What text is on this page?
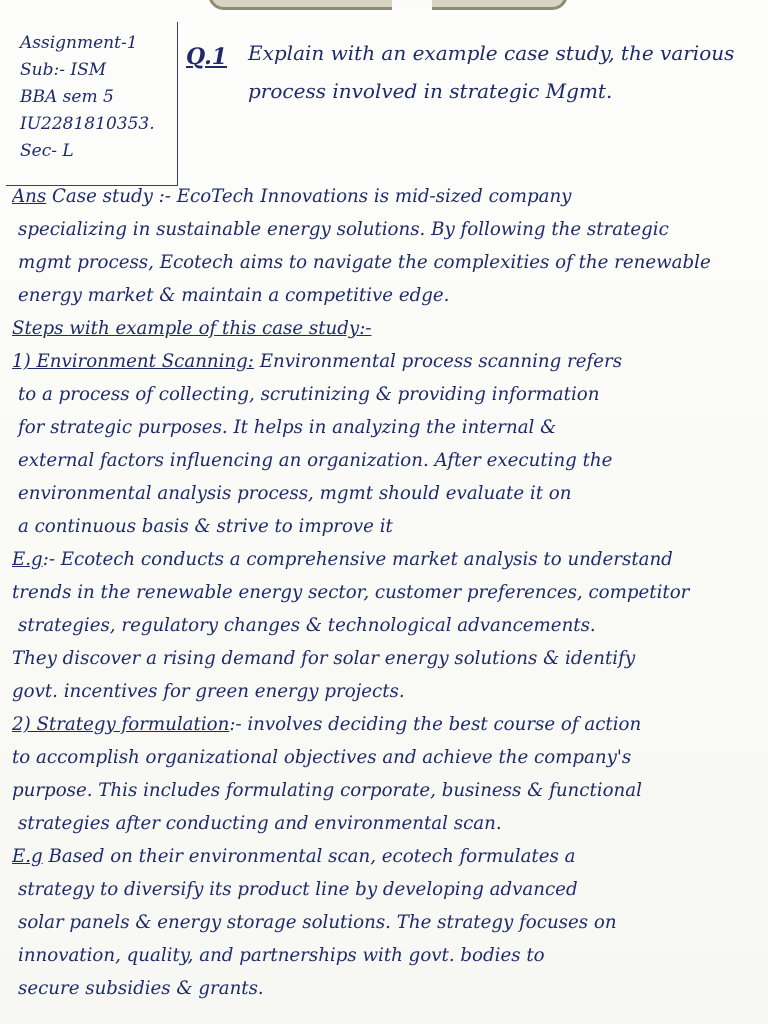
Assignment-1
Sub:- ISM
BBA sem 5
IU2281810353.
Sec- L
Q.1 Explain with an example case study, the various process involved in strategic Mgmt.
Ans Case study :- EcoTech Innovations is mid-sized company
specializing in sustainable energy solutions. By following the strategic
mgmt process, Ecotech aims to navigate the complexities of the renewable
energy market & maintain a competitive edge.
Steps with example of this case study:-
1) Environment Scanning: Environmental process scanning refers
to a process of collecting, scrutinizing & providing information
for strategic purposes. It helps in analyzing the internal &
external factors influencing an organization. After executing the
environmental analysis process, mgmt should evaluate it on
a continuous basis & strive to improve it
E.g:- Ecotech conducts a comprehensive market analysis to understand
trends in the renewable energy sector, customer preferences, competitor
strategies, regulatory changes & technological advancements.
They discover a rising demand for solar energy solutions & identify
govt. incentives for green energy projects.
2) Strategy formulation:- involves deciding the best course of action
to accomplish organizational objectives and achieve the company's
purpose. This includes formulating corporate, business & functional
strategies after conducting and environmental scan.
E.g Based on their environmental scan, ecotech formulates a
strategy to diversify its product line by developing advanced
solar panels & energy storage solutions. The strategy focuses on
innovation, quality, and partnerships with govt. bodies to
secure subsidies & grants.
